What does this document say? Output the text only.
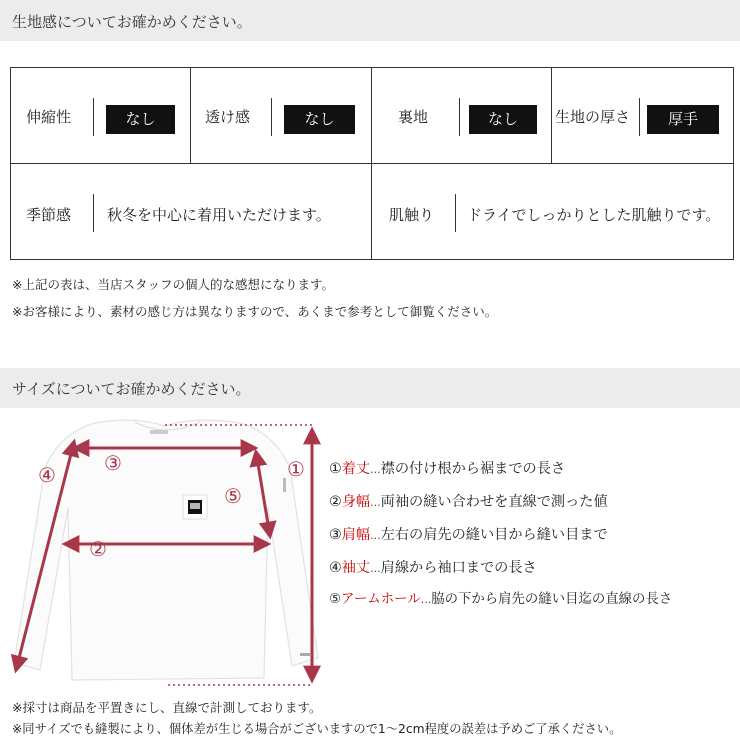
生地感についてお確かめください。
伸縮性	なし	透け感	なし	裏地	なし	生地の厚さ	厚手
季節感 秋冬を中心に着用いただけます。	肌触り ドライでしっかりとした肌触りです。
※上記の表は、当店スタッフの個人的な感想になります。
※お客様により、素材の感じ方は異なりますので、あくまで参考として御覧ください。
サイズについてお確かめください。
①
②
③
④
⑤
①着丈...襟の付け根から裾までの長さ
②身幅...両袖の縫い合わせを直線で測った値
③肩幅...左右の肩先の縫い目から縫い目まで
④袖丈...肩線から袖口までの長さ
⑤アームホール...脇の下から肩先の縫い目迄の直線の長さ
※採寸は商品を平置きにし、直線で計測しております。
※同サイズでも縫製により、個体差が生じる場合がございますので1～2cm程度の誤差は予めご了承ください。
